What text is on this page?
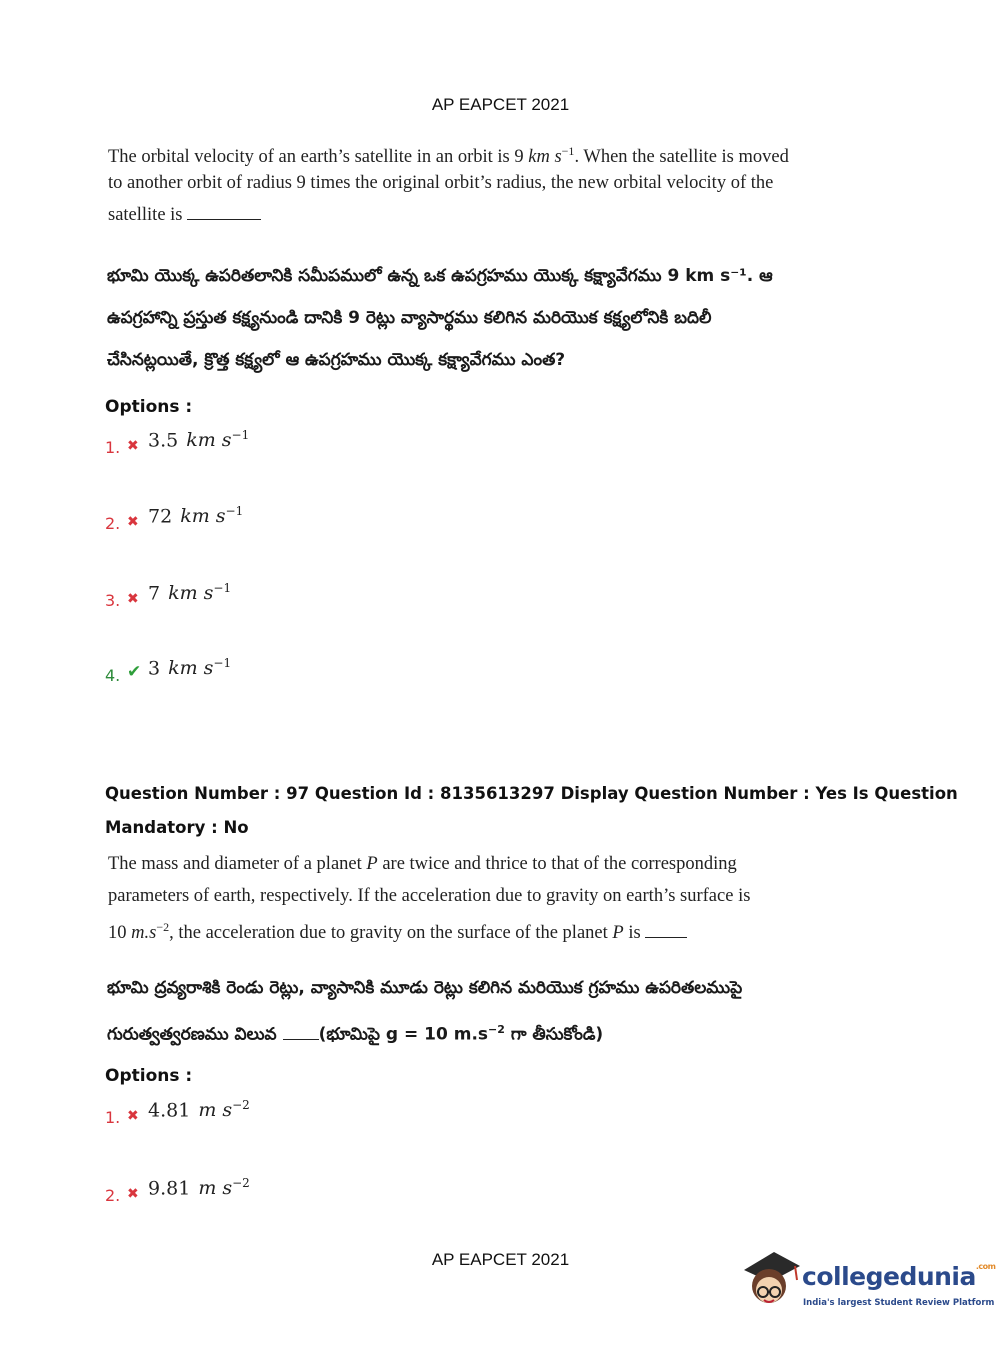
AP EAPCET 2021
The orbital velocity of an earth’s satellite in an orbit is 9 km $s^{-1}$. When the satellite is moved
to another orbit of radius 9 times the original orbit’s radius, the new orbital velocity of the
satellite is
భూమి యొక్క ఉపరితలానికి సమీపములో ఉన్న ఒక ఉపగ్రహము యొక్క కక్ష్యావేగము 9 km s⁻¹. ఆ
ఉపగ్రహాన్ని ప్రస్తుత కక్ష్యనుండి దానికి 9 రెట్లు వ్యాసార్థము కలిగిన మరియొక కక్ష్యలోనికి బదిలీ
చేసినట్లయితే, క్రొత్త కక్ష్యలో ఆ ఉపగ్రహము యొక్క కక్ష్యావేగము ఎంత?
Options :
1. ✖ 3.5 km $s^{-1}$
2. ✖ 72 km $s^{-1}$
3. ✖ 7 km $s^{-1}$
4. ✔ 3 km $s^{-1}$
Question Number : 97 Question Id : 8135613297 Display Question Number : Yes Is Question
Mandatory : No
The mass and diameter of a planet P are twice and thrice to that of the corresponding
parameters of earth, respectively. If the acceleration due to gravity on earth’s surface is
10 $m.s^{-2}$, the acceleration due to gravity on the surface of the planet P is
భూమి ద్రవ్యరాశికి రెండు రెట్లు, వ్యాసానికి మూడు రెట్లు కలిగిన మరియొక గ్రహము ఉపరితలముపై
గురుత్వత్వరణము విలువ (భూమిపై g = 10 $m.s^{-2}$ గా తీసుకోండి)
Options :
1. ✖ 4.81 m $s^{-2}$
2. ✖ 9.81 m $s^{-2}$
AP EAPCET 2021
collegedunia$^{.com}$
India's largest Student Review Platform
